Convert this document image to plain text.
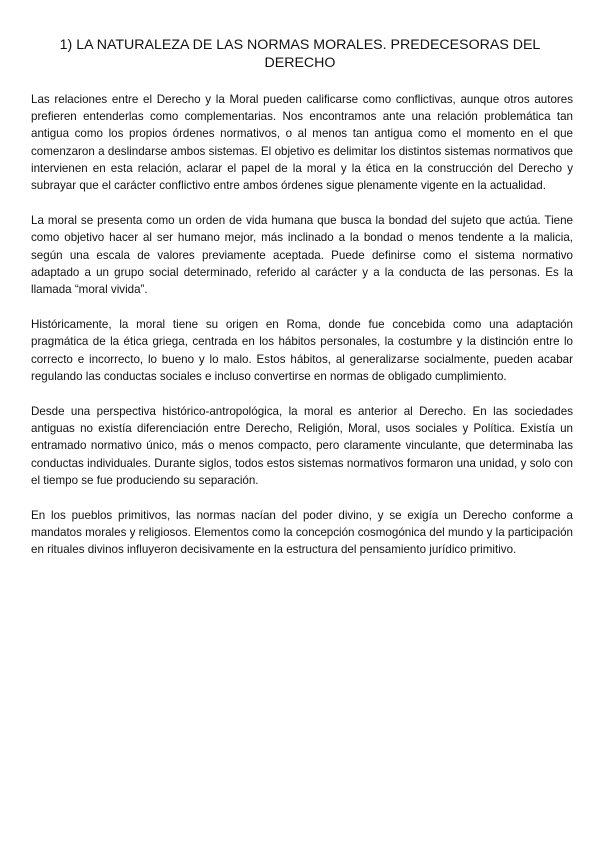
1) LA NATURALEZA DE LAS NORMAS MORALES. PREDECESORAS DEL DERECHO

Las relaciones entre el Derecho y la Moral pueden calificarse como conflictivas, aunque otros autores prefieren entenderlas como complementarias. Nos encontramos ante una relación problemática tan antigua como los propios órdenes normativos, o al menos tan antigua como el momento en el que comenzaron a deslindarse ambos sistemas. El objetivo es delimitar los distintos sistemas normativos que intervienen en esta relación, aclarar el papel de la moral y la ética en la construcción del Derecho y subrayar que el carácter conflictivo entre ambos órdenes sigue plenamente vigente en la actualidad.

La moral se presenta como un orden de vida humana que busca la bondad del sujeto que actúa. Tiene como objetivo hacer al ser humano mejor, más inclinado a la bondad o menos tendente a la malicia, según una escala de valores previamente aceptada. Puede definirse como el sistema normativo adaptado a un grupo social determinado, referido al carácter y a la conducta de las personas. Es la llamada “moral vivida”.

Históricamente, la moral tiene su origen en Roma, donde fue concebida como una adaptación pragmática de la ética griega, centrada en los hábitos personales, la costumbre y la distinción entre lo correcto e incorrecto, lo bueno y lo malo. Estos hábitos, al generalizarse socialmente, pueden acabar regulando las conductas sociales e incluso convertirse en normas de obligado cumplimiento.

Desde una perspectiva histórico-antropológica, la moral es anterior al Derecho. En las sociedades antiguas no existía diferenciación entre Derecho, Religión, Moral, usos sociales y Política. Existía un entramado normativo único, más o menos compacto, pero claramente vinculante, que determinaba las conductas individuales. Durante siglos, todos estos sistemas normativos formaron una unidad, y solo con el tiempo se fue produciendo su separación.

En los pueblos primitivos, las normas nacían del poder divino, y se exigía un Derecho conforme a mandatos morales y religiosos. Elementos como la concepción cosmogónica del mundo y la participación en rituales divinos influyeron decisivamente en la estructura del pensamiento jurídico primitivo.
